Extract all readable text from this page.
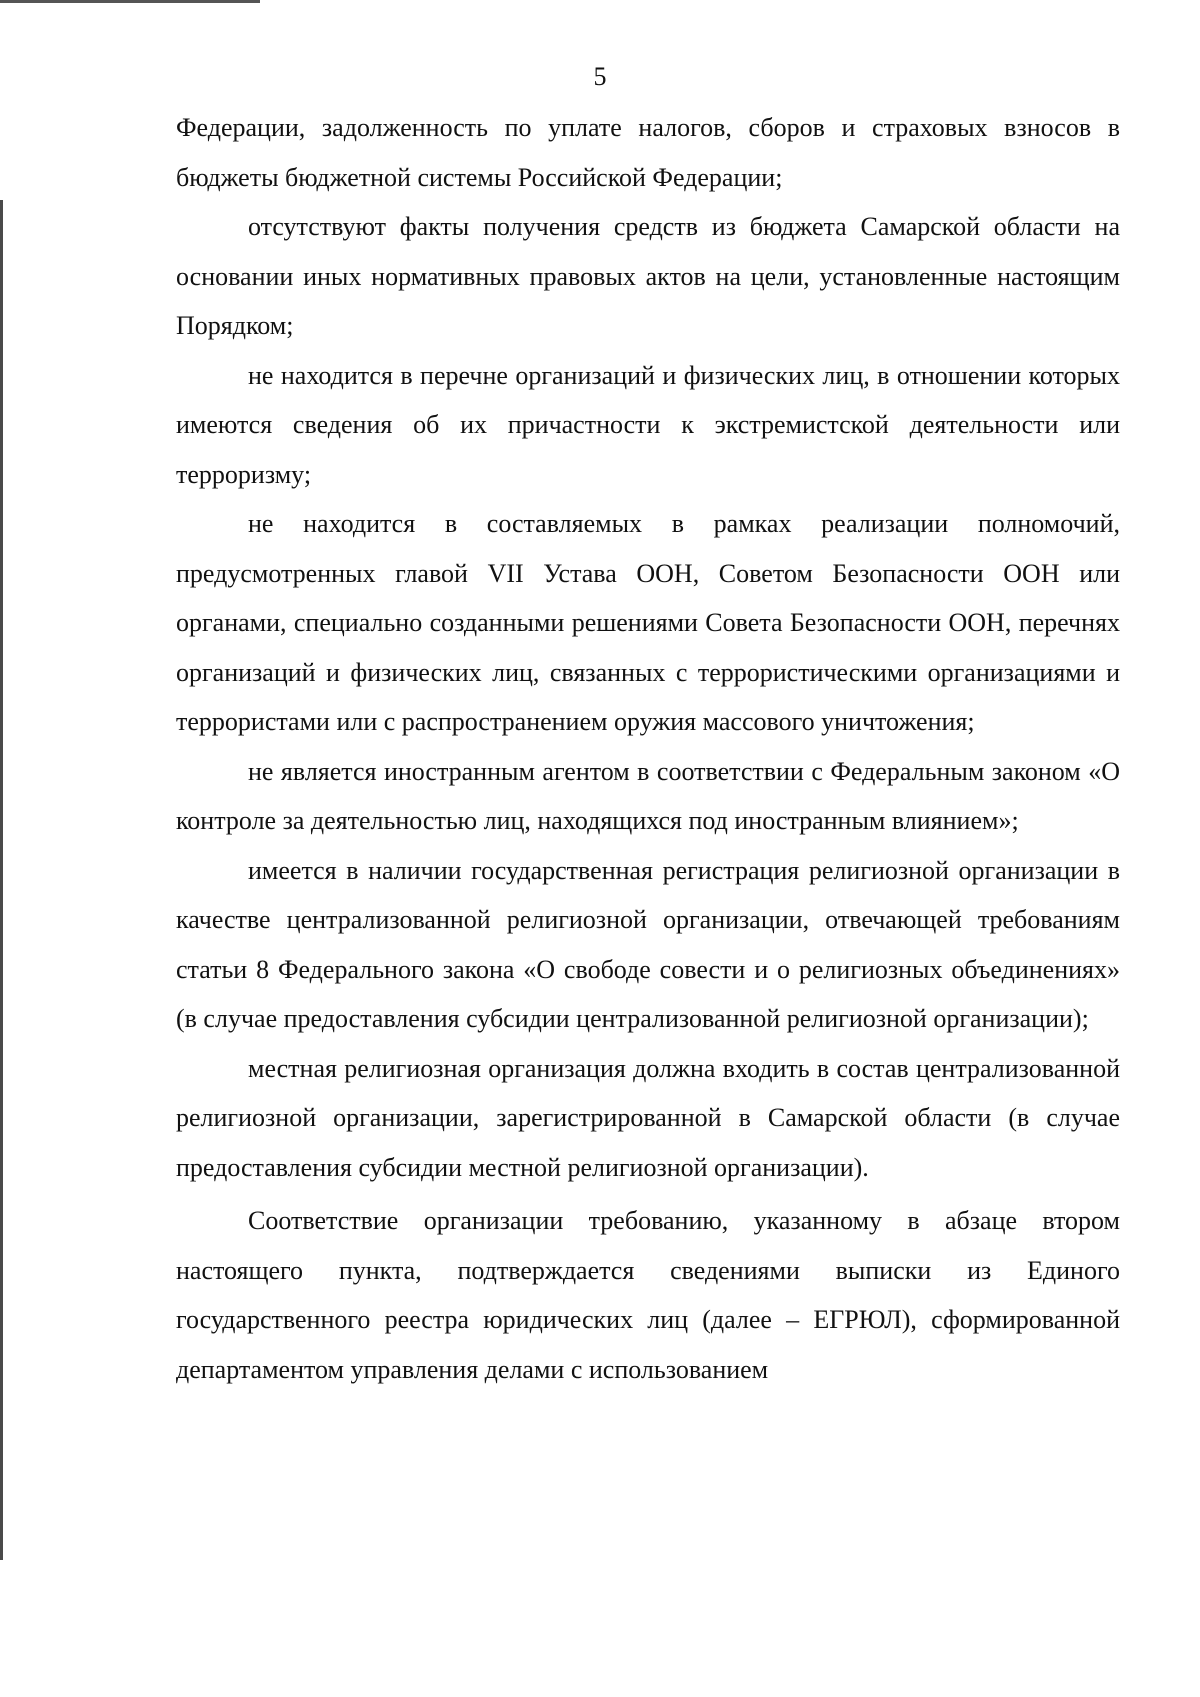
5

Федерации, задолженность по уплате налогов, сборов и страховых взносов в бюджеты бюджетной системы Российской Федерации;

отсутствуют факты получения средств из бюджета Самарской области на основании иных нормативных правовых актов на цели, установленные настоящим Порядком;

не находится в перечне организаций и физических лиц, в отношении которых имеются сведения об их причастности к экстремистской деятельности или терроризму;

не находится в составляемых в рамках реализации полномочий, предусмотренных главой VII Устава ООН, Советом Безопасности ООН или органами, специально созданными решениями Совета Безопасности ООН, перечнях организаций и физических лиц, связанных с террористическими организациями и террористами или с распространением оружия массового уничтожения;

не является иностранным агентом в соответствии с Федеральным законом «О контроле за деятельностью лиц, находящихся под иностранным влиянием»;

имеется в наличии государственная регистрация религиозной организации в качестве централизованной религиозной организации, отвечающей требованиям статьи 8 Федерального закона «О свободе совести и о религиозных объединениях» (в случае предоставления субсидии централизованной религиозной организации);

местная религиозная организация должна входить в состав централизованной религиозной организации, зарегистрированной в Самарской области (в случае предоставления субсидии местной религиозной организации).

Соответствие организации требованию, указанному в абзаце втором настоящего пункта, подтверждается сведениями выписки из Единого государственного реестра юридических лиц (далее – ЕГРЮЛ), сформированной департаментом управления делами с использованием
